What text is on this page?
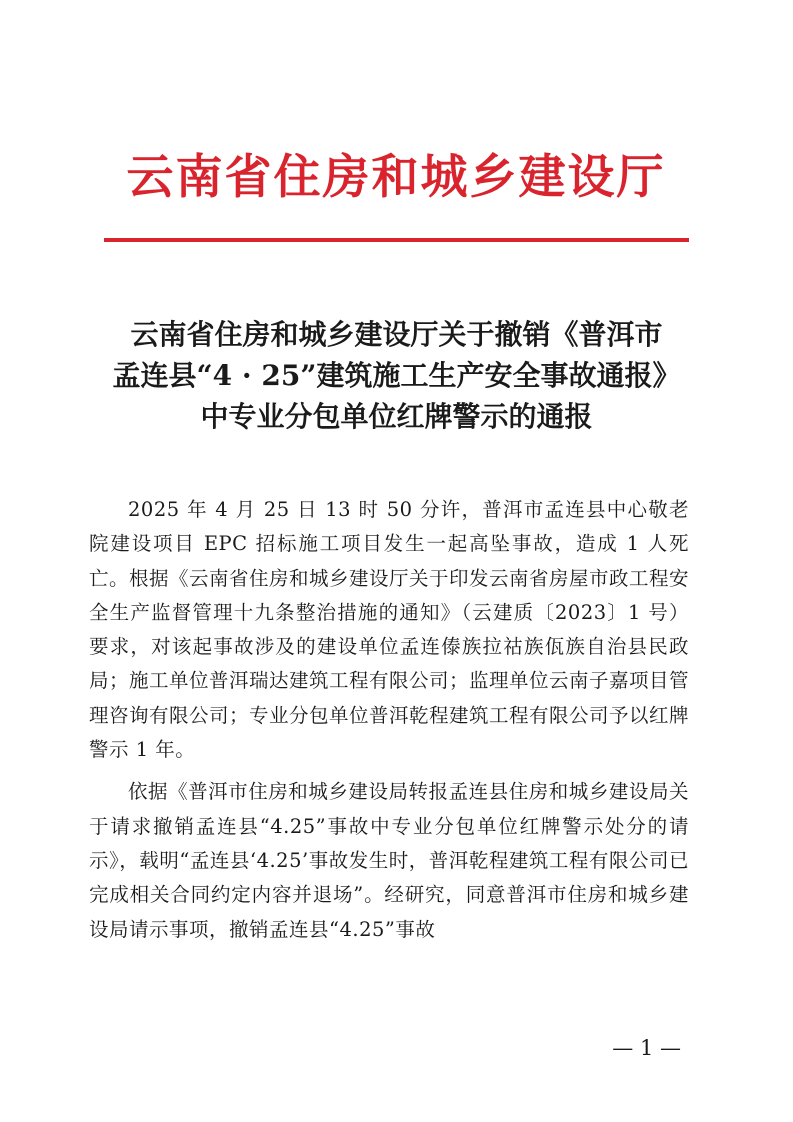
云南省住房和城乡建设厅
云南省住房和城乡建设厅关于撤销《普洱市
孟连县“4 · 25”建筑施工生产安全事故通报》
中专业分包单位红牌警示的通报

2025 年 4 月 25 日 13 时 50 分许，普洱市孟连县中心敬老院建设项目 EPC 招标施工项目发生一起高坠事故，造成 1 人死亡。根据《云南省住房和城乡建设厅关于印发云南省房屋市政工程安全生产监督管理十九条整治措施的通知》（云建质〔2023〕1 号）要求，对该起事故涉及的建设单位孟连傣族拉祜族佤族自治县民政局；施工单位普洱瑞达建筑工程有限公司；监理单位云南子嘉项目管理咨询有限公司；专业分包单位普洱乾程建筑工程有限公司予以红牌警示 1 年。

依据《普洱市住房和城乡建设局转报孟连县住房和城乡建设局关于请求撤销孟连县“4.25”事故中专业分包单位红牌警示处分的请示》，载明“孟连县‘4.25’事故发生时，普洱乾程建筑工程有限公司已完成相关合同约定内容并退场”。经研究，同意普洱市住房和城乡建设局请示事项，撤销孟连县“4.25”事故

— 1 —
